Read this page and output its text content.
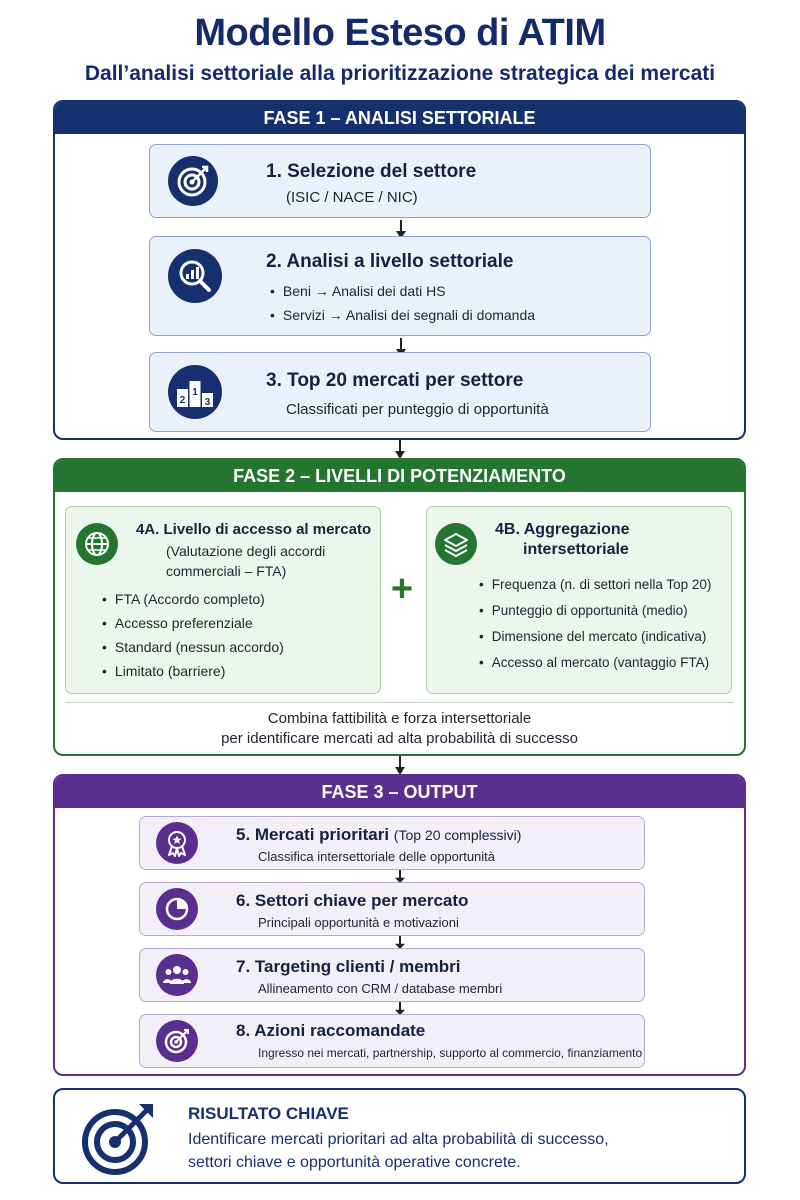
Modello Esteso di ATIM
Dall’analisi settoriale alla prioritizzazione strategica dei mercati
FASE 1 – ANALISI SETTORIALE
1. Selezione del settore
(ISIC / NACE / NIC)
2. Analisi a livello settoriale
• Beni → Analisi dei dati HS
• Servizi → Analisi dei segnali di domanda
2
1
3
3. Top 20 mercati per settore
Classificati per punteggio di opportunità
FASE 2 – LIVELLI DI POTENZIAMENTO
4A. Livello di accesso al mercato
(Valutazione degli accordi
commerciali – FTA)
• FTA (Accordo completo)
• Accesso preferenziale
• Standard (nessun accordo)
• Limitato (barriere)
+
4B. Aggregazione
intersettoriale
• Frequenza (n. di settori nella Top 20)
• Punteggio di opportunità (medio)
• Dimensione del mercato (indicativa)
• Accesso al mercato (vantaggio FTA)
Combina fattibilità e forza intersettoriale
per identificare mercati ad alta probabilità di successo
FASE 3 – OUTPUT
5. Mercati prioritari (Top 20 complessivi)
Classifica intersettoriale delle opportunità
6. Settori chiave per mercato
Principali opportunità e motivazioni
7. Targeting clienti / membri
Allineamento con CRM / database membri
8. Azioni raccomandate
Ingresso nei mercati, partnership, supporto al commercio, finanziamento
RISULTATO CHIAVE
Identificare mercati prioritari ad alta probabilità di successo,
settori chiave e opportunità operative concrete.
